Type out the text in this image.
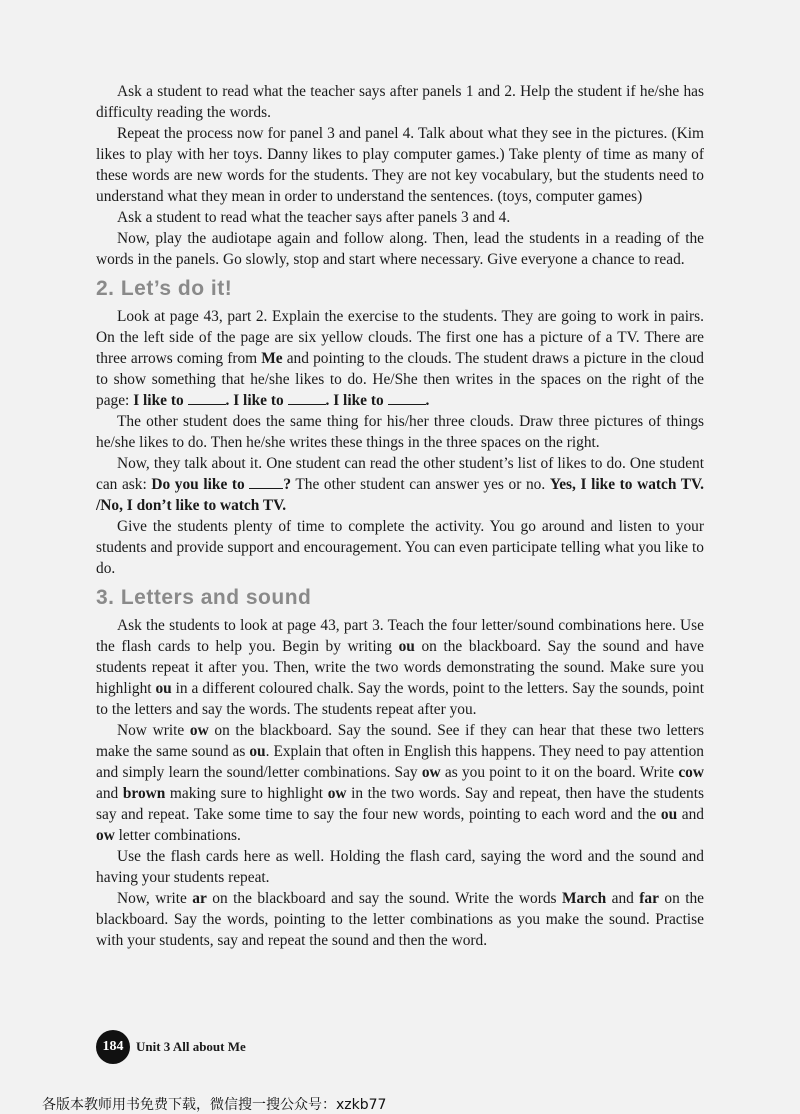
Ask a student to read what the teacher says after panels 1 and 2. Help the student if he/she has difficulty reading the words.

Repeat the process now for panel 3 and panel 4. Talk about what they see in the pictures. (Kim likes to play with her toys. Danny likes to play computer games.) Take plenty of time as many of these words are new words for the students. They are not key vocabulary, but the students need to understand what they mean in order to understand the sentences. (toys, computer games)

Ask a student to read what the teacher says after panels 3 and 4.

Now, play the audiotape again and follow along. Then, lead the students in a reading of the words in the panels. Go slowly, stop and start where necessary. Give everyone a chance to read.

2. Let’s do it!

Look at page 43, part 2. Explain the exercise to the students. They are going to work in pairs. On the left side of the page are six yellow clouds. The first one has a picture of a TV. There are three arrows coming from Me and pointing to the clouds. The student draws a picture in the cloud to show something that he/she likes to do. He/She then writes in the spaces on the right of the page: I like to	. I like to	. I like to	.

The other student does the same thing for his/her three clouds. Draw three pictures of things he/she likes to do. Then he/she writes these things in the three spaces on the right.

Now, they talk about it. One student can read the other student’s list of likes to do. One student can ask: Do you like to	? The other student can answer yes or no. Yes, I like to watch TV. /No, I don’t like to watch TV.

Give the students plenty of time to complete the activity. You go around and listen to your students and provide support and encouragement. You can even participate telling what you like to do.

3. Letters and sound

Ask the students to look at page 43, part 3. Teach the four letter/sound combinations here. Use the flash cards to help you. Begin by writing ou on the blackboard. Say the sound and have students repeat it after you. Then, write the two words demonstrating the sound. Make sure you highlight ou in a different coloured chalk. Say the words, point to the letters. Say the sounds, point to the letters and say the words. The students repeat after you.

Now write ow on the blackboard. Say the sound. See if they can hear that these two letters make the same sound as ou. Explain that often in English this happens. They need to pay attention and simply learn the sound/letter combinations. Say ow as you point to it on the board. Write cow and brown making sure to highlight ow in the two words. Say and repeat, then have the students say and repeat. Take some time to say the four new words, pointing to each word and the ou and ow letter combinations.

Use the flash cards here as well. Holding the flash card, saying the word and the sound and having your students repeat.

Now, write ar on the blackboard and say the sound. Write the words March and far on the blackboard. Say the words, pointing to the letter combinations as you make the sound. Practise with your students, say and repeat the sound and then the word.

184 Unit 3 All about Me
各版本教师用书免费下载，微信搜一搜公众号：xzkb77
